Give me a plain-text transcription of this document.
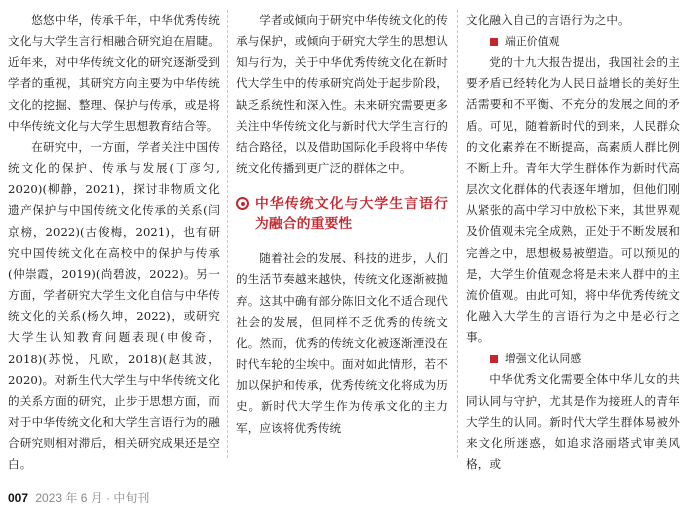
悠悠中华，传承千年，中华优秀传统文化与大学生言行相融合研究迫在眉睫。近年来，对中华传统文化的研究逐渐受到学者的重视，其研究方向主要为中华传统文化的挖掘、整理、保护与传承，或是将中华传统文化与大学生思想教育结合等。

在研究中，一方面，学者关注中国传统文化的保护、传承与发展(丁彦匀, 2020)(柳静，2021)，探讨非物质文化遗产保护与中国传统文化传承的关系(闫京榜，2022)(古俊梅，2021)，也有研究中国传统文化在高校中的保护与传承(仲崇霞，2019)(尚碧波，2022)。另一方面，学者研究大学生文化自信与中华传统文化的关系(杨久坤，2022)，或研究大学生认知教育问题表现(申俊奇，2018)(苏悦，凡欧，2018)(赵其波，2020)。对新生代大学生与中华传统文化的关系方面的研究，止步于思想方面，而对于中华传统文化和大学生言语行为的融合研究则相对滞后，相关研究成果还是空白。

学者或倾向于研究中华传统文化的传承与保护，或倾向于研究大学生的思想认知与行为，关于中华优秀传统文化在新时代大学生中的传承研究尚处于起步阶段，缺乏系统性和深入性。未来研究需要更多关注中华传统文化与新时代大学生言行的结合路径，以及借助国际化手段将中华传统文化传播到更广泛的群体之中。

中华传统文化与大学生言语行为融合的重要性

随着社会的发展、科技的进步，人们的生活节奏越来越快，传统文化逐渐被抛弃。这其中确有部分陈旧文化不适合现代社会的发展，但同样不乏优秀的传统文化。然而，优秀的传统文化被逐渐湮没在时代车轮的尘埃中。面对如此情形，若不加以保护和传承，优秀传统文化将成为历史。新时代大学生作为传承文化的主力军，应该将优秀传统

文化融入自己的言语行为之中。

端正价值观

党的十九大报告提出，我国社会的主要矛盾已经转化为人民日益增长的美好生活需要和不平衡、不充分的发展之间的矛盾。可见，随着新时代的到来，人民群众的文化素养在不断提高，高素质人群比例不断上升。青年大学生群体作为新时代高层次文化群体的代表逐年增加，但他们刚从紧张的高中学习中放松下来，其世界观及价值观未完全成熟，正处于不断发展和完善之中，思想极易被塑造。可以预见的是，大学生价值观念将是未来人群中的主流价值观。由此可知，将中华优秀传统文化融入大学生的言语行为之中是必行之事。

增强文化认同感

中华优秀文化需要全体中华儿女的共同认同与守护，尤其是作为接班人的青年大学生的认同。新时代大学生群体易被外来文化所迷惑，如追求洛丽塔式审美风格，或

007 2023 年 6 月 · 中旬刊
